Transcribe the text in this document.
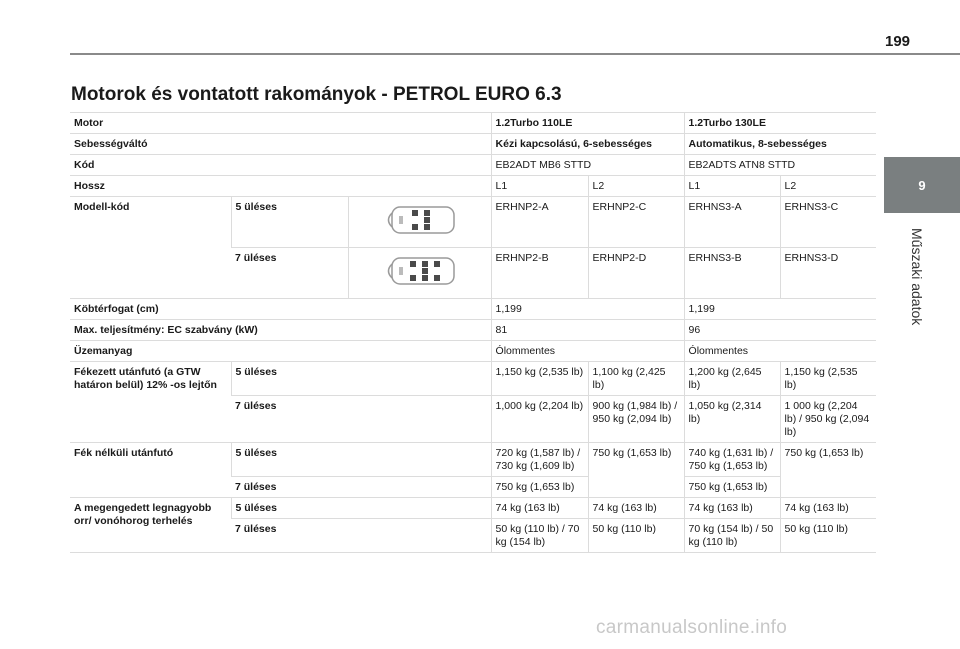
199
9
Műszaki adatok
Motorok és vontatott rakományok - PETROL EURO 6.3
Motor			1.2Turbo 110LE		1.2Turbo 130LE	
Sebességváltó			Kézi kapcsolású, 6-sebességes		Automatikus, 8-sebességes	
Kód			EB2ADT MB6 STTD		EB2ADTS ATN8 STTD	
Hossz			L1	L2	L1	L2
Modell-kód	5 üléses		ERHNP2-A	ERHNP2-C	ERHNS3-A	ERHNS3-C
	7 üléses		ERHNP2-B	ERHNP2-D	ERHNS3-B	ERHNS3-D
Köbtérfogat (cm)			1,199		1,199	
Max. teljesítmény: EC szabvány (kW)			81		96	
Üzemanyag			Ólommentes		Ólommentes	
Fékezett utánfutó (a GTW határon belül) 12% -os lejtőn	5 üléses		1,150 kg (2,535 lb)	1,100 kg (2,425 lb)	1,200 kg (2,645 lb)	1,150 kg (2,535 lb)
	7 üléses		1,000 kg (2,204 lb)	900 kg (1,984 lb) / 950 kg (2,094 lb)	1,050 kg (2,314 lb)	1 000 kg (2,204 lb) / 950 kg (2,094 lb)
Fék nélküli utánfutó	5 üléses		720 kg (1,587 lb) / 730 kg (1,609 lb)	750 kg (1,653 lb)	740 kg (1,631 lb) / 750 kg (1,653 lb)	750 kg (1,653 lb)
	7 üléses		750 kg (1,653 lb)		750 kg (1,653 lb)	
A megengedett legnagyobb orr/ vonóhorog terhelés	5 üléses		74 kg (163 lb)	74 kg (163 lb)	74 kg (163 lb)	74 kg (163 lb)
	7 üléses		50 kg (110 lb) / 70 kg (154 lb)	50 kg (110 lb)	70 kg (154 lb) / 50 kg (110 lb)	50 kg (110 lb)
carmanualsonline.info
